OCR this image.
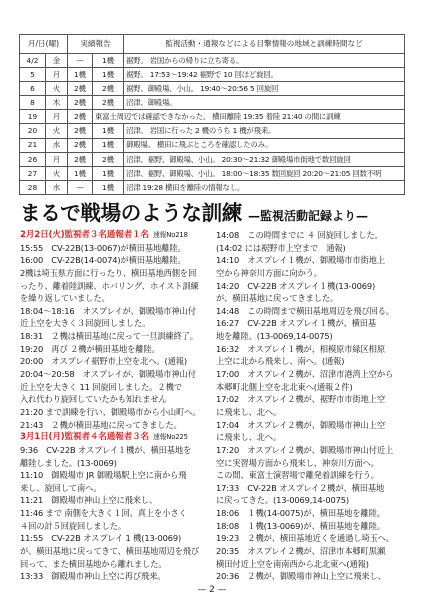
月/日(曜)		実績報告		監視活動・通報などによる目撃情報の地域と訓練時間など
4/2	金	—	1機	裾野。 岩国からの帰りに立ち寄る。
5	月	1機	1機	裾野。 17:53～19:42 裾野で 10 回ほど旋回。
6	火	2機	2機	裾野、御殿場、小山。 19:40～20:56 5 回旋回
8	木	2機	2機	沼津、御殿場。
19	月	2機	東富士周辺では確認できなかった。 横田離陸 19:35 着陸 21:40 の間に訓練	
20	火	2機	1機	沼津。 岩国に行った 2 機のうち 1 機が飛来。
21	水	2機	1機	御殿場。 横田に飛ぶところを確認したのみ。
26	月	2機	2機	沼津、裾野、御殿場、小山。 20:30～21:32 御殿場市街地で数回旋回
27	火	1機	1機	沼津、裾野、御殿場、小山。 18:00～18:35 数回旋回 20:20～21:05 回数不明
28	水	—	1機	沼津 19:28 横田を離陸の情報なし。
まるで戦場のような訓練 —監視活動記録より—
2月2日(火)監視者３名通報者１名 速報No218
15:55　CV-22B(13-0067)が横田基地離陸。
16:00　CV-22B(14-0074)が横田基地離陸。
2機は埼玉県方面に行ったり、横田基地西側を回
ったり、離着陸訓練、ホバリング、ホイスト訓練
を繰り返していました。
18:04～18:16　オスプレイが、御殿場市神山付
近上空を大きく３回旋回しました。
18:31　２機は横田基地に戻って一旦訓練終了。
19:20　再び ２機が横田基地を離陸。
20:00　オスプレイ裾野市上空を北へ。(通報)
20:04～20:58　オスプレイが、御殿場市神山付
近上空を大きく 11 回旋回しました。２機で
入れ代わり旋回していたかも知れません
21:20 まで訓練を行い、御殿場市から小山町へ。
21:43　２機が横田基地に戻ってきました。
3月1日(月)監視者４名通報者３名 速報No225
9:36　CV-22B オスプレイ１機が、横田基地を
離陸しました。(13-0069)
11:10　御殿場市 JR 御殿場駅上空に南から飛
来し、旋回して南へ。
11:21　御殿場市神山上空に飛来し、
11:46 まで 南側を大きく１回、真上を小さく
４回の計５回旋回しました。
11:55　CV-22B オスプレイ 1 機(13-0069)
が、横田基地に戻ってきて、横田基地周辺を飛び
回って、また横田基地から離れました。
13:33　御殿場市神山上空に再び飛来。
14:08　この時間までに ４ 回旋回しました。
(14:02 には裾野市上空まで　通報)
14:10　オスプレイ１機が、御殿場市市街地上
空から神奈川方面に向かう。
14:20　CV-22B オスプレイ１機(13-0069)
が、横田基地に戻ってきました。
14:48　この時間まで横田基地周辺を飛び回る。
16:27　CV-22B オスプレイ１機が、横田基
地を離陸。(13-0069,14-0075)
16:32　オスプレイ１機が、相模原市緑区相原
上空に北から飛来し、南へ。(通報)
17:00　オスプレイ２機が、沼津市港湾上空から
本郷町北側上空を北北東へ(通報２件)
17:02　オスプレイ２機が、裾野市市街地上空
に飛来し、北へ。
17:04　オスプレイ２機が、御殿場市神山上空
に飛来し、北へ。
17:20　オスプレイ２機が、御殿場市神山付近上
空に実習場方面から飛来し、神奈川方面へ。
この間、東富士演習場で離発着訓練を行う。
17:33　CV-22B オスプレイ２機が、横田基地
に戻ってきた。(13-0069,14-0075)
18:06　１機(14-0075)が、横田基地を離陸。
18:08　１機(13-0069)が、横田基地を離陸。
19:23　２機が、横田基地近くを通過し埼玉へ。
20:35　オスプレイ２機が、沼津市本郷町黒瀬
横田付近上空を南南西から北北東へ(通報)
20:36　２機が、御殿場市神山上空に飛来し、
— 2 —
